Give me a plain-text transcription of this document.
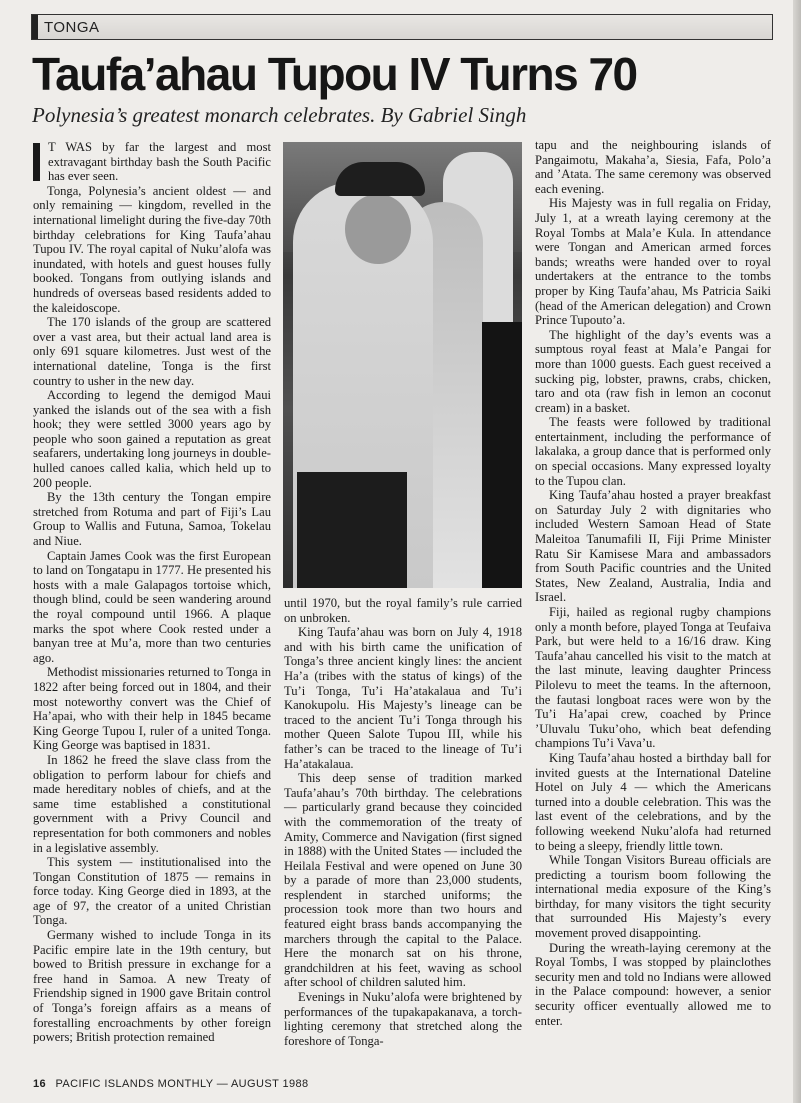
TONGA
Taufa’ahau Tupou IV Turns 70
Polynesia’s greatest monarch celebrates. By Gabriel Singh

T WAS by far the largest and most extravagant birthday bash the South Pacific has ever seen.

Tonga, Polynesia’s ancient oldest — and only remaining — kingdom, revelled in the international limelight during the five-day 70th birthday celebrations for King Taufa’ahau Tupou IV. The royal capital of Nuku’alofa was inundated, with hotels and guest houses fully booked. Tongans from outlying islands and hundreds of overseas based residents added to the kaleidoscope.

The 170 islands of the group are scattered over a vast area, but their actual land area is only 691 square kilometres. Just west of the international dateline, Tonga is the first country to usher in the new day.

According to legend the demigod Maui yanked the islands out of the sea with a fish hook; they were settled 3000 years ago by people who soon gained a reputation as great seafarers, undertaking long journeys in double-hulled canoes called kalia, which held up to 200 people.

By the 13th century the Tongan empire stretched from Rotuma and part of Fiji’s Lau Group to Wallis and Futuna, Samoa, Tokelau and Niue.

Captain James Cook was the first European to land on Tongatapu in 1777. He presented his hosts with a male Galapagos tortoise which, though blind, could be seen wandering around the royal compound until 1966. A plaque marks the spot where Cook rested under a banyan tree at Mu’a, more than two centuries ago.

Methodist missionaries returned to Tonga in 1822 after being forced out in 1804, and their most noteworthy convert was the Chief of Ha’apai, who with their help in 1845 became King George Tupou I, ruler of a united Tonga. King George was baptised in 1831.

In 1862 he freed the slave class from the obligation to perform labour for chiefs and made hereditary nobles of chiefs, and at the same time established a constitutional government with a Privy Council and representation for both commoners and nobles in a legislative assembly.

This system — institutionalised into the Tongan Constitution of 1875 — remains in force today. King George died in 1893, at the age of 97, the creator of a united Christian Tonga.

Germany wished to include Tonga in its Pacific empire late in the 19th century, but bowed to British pressure in exchange for a free hand in Samoa. A new Treaty of Friendship signed in 1900 gave Britain control of Tonga’s foreign affairs as a means of forestalling encroachments by other foreign powers; British protection remained

until 1970, but the royal family’s rule carried on unbroken.

King Taufa’ahau was born on July 4, 1918 and with his birth came the unification of Tonga’s three ancient kingly lines: the ancient Ha’a (tribes with the status of kings) of the Tu’i Tonga, Tu’i Ha’atakalaua and Tu’i Kanokupolu. His Majesty’s lineage can be traced to the ancient Tu’i Tonga through his mother Queen Salote Tupou III, while his father’s can be traced to the lineage of Tu’i Ha’atakalaua.

This deep sense of tradition marked Taufa’ahau’s 70th birthday. The celebrations — particularly grand because they coincided with the commemoration of the treaty of Amity, Commerce and Navigation (first signed in 1888) with the United States — included the Heilala Festival and were opened on June 30 by a parade of more than 23,000 students, resplendent in starched uniforms; the procession took more than two hours and featured eight brass bands accompanying the marchers through the capital to the Palace. Here the monarch sat on his throne, grandchildren at his feet, waving as school after school of children saluted him.

Evenings in Nuku’alofa were brightened by performances of the tupakapakanava, a torch-lighting ceremony that stretched along the foreshore of Tonga-

tapu and the neighbouring islands of Pangaimotu, Makaha’a, Siesia, Fafa, Polo’a and ’Atata. The same ceremony was observed each evening.

His Majesty was in full regalia on Friday, July 1, at a wreath laying ceremony at the Royal Tombs at Mala’e Kula. In attendance were Tongan and American armed forces bands; wreaths were handed over to royal undertakers at the entrance to the tombs proper by King Taufa’ahau, Ms Patricia Saiki (head of the American delegation) and Crown Prince Tupouto’a.

The highlight of the day’s events was a sumptous royal feast at Mala’e Pangai for more than 1000 guests. Each guest received a sucking pig, lobster, prawns, crabs, chicken, taro and ota (raw fish in lemon an coconut cream) in a basket.

The feasts were followed by traditional entertainment, including the performance of lakalaka, a group dance that is performed only on special occasions. Many expressed loyalty to the Tupou clan.

King Taufa’ahau hosted a prayer breakfast on Saturday July 2 with dignitaries who included Western Samoan Head of State Maleitoa Tanumafili II, Fiji Prime Minister Ratu Sir Kamisese Mara and ambassadors from South Pacific countries and the United States, New Zealand, Australia, India and Israel.

Fiji, hailed as regional rugby champions only a month before, played Tonga at Teufaiva Park, but were held to a 16/16 draw. King Taufa’ahau cancelled his visit to the match at the last minute, leaving daughter Princess Pilolevu to meet the teams. In the afternoon, the fautasi longboat races were won by the Tu’i Ha’apai crew, coached by Prince ’Uluvalu Tuku’oho, which beat defending champions Tu’i Vava’u.

King Taufa’ahau hosted a birthday ball for invited guests at the International Dateline Hotel on July 4 — which the Americans turned into a double celebration. This was the last event of the celebrations, and by the following weekend Nuku’alofa had returned to being a sleepy, friendly little town.

While Tongan Visitors Bureau officials are predicting a tourism boom following the international media exposure of the King’s birthday, for many visitors the tight security that surrounded His Majesty’s every movement proved disappointing.

During the wreath-laying ceremony at the Royal Tombs, I was stopped by plainclothes security men and told no Indians were allowed in the Palace compound: however, a senior security officer eventually allowed me to enter.

16 PACIFIC ISLANDS MONTHLY — AUGUST 1988
